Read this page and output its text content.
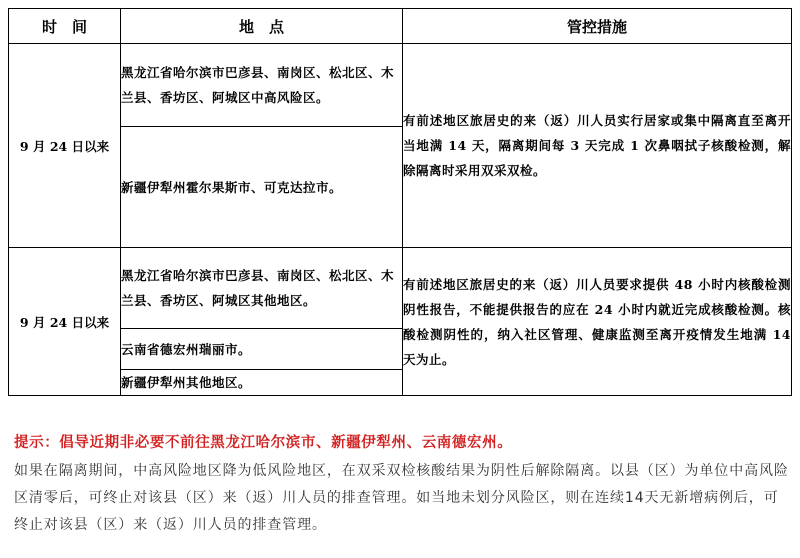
时　间	地　点	管控措施
9 月 24 日以来	黑龙江省哈尔滨市巴彦县、南岗区、松北区、木兰县、香坊区、阿城区中高风险区。	有前述地区旅居史的来（返）川人员实行居家或集中隔离直至离开当地满 14 天，隔离期间每 3 天完成 1 次鼻咽拭子核酸检测，解除隔离时采用双采双检。
	新疆伊犁州霍尔果斯市、可克达拉市。	
9 月 24 日以来	黑龙江省哈尔滨市巴彦县、南岗区、松北区、木兰县、香坊区、阿城区其他地区。	有前述地区旅居史的来（返）川人员要求提供 48 小时内核酸检测阴性报告，不能提供报告的应在 24 小时内就近完成核酸检测。核酸检测阴性的，纳入社区管理、健康监测至离开疫情发生地满 14 天为止。
	云南省德宏州瑞丽市。	
	新疆伊犁州其他地区。	

提示：倡导近期非必要不前往黑龙江哈尔滨市、新疆伊犁州、云南德宏州。

如果在隔离期间，中高风险地区降为低风险地区，在双采双检核酸结果为阴性后解除隔离。以县（区）为单位中高风险区清零后，可终止对该县（区）来（返）川人员的排查管理。如当地未划分风险区，则在连续14天无新增病例后，可终止对该县（区）来（返）川人员的排查管理。
